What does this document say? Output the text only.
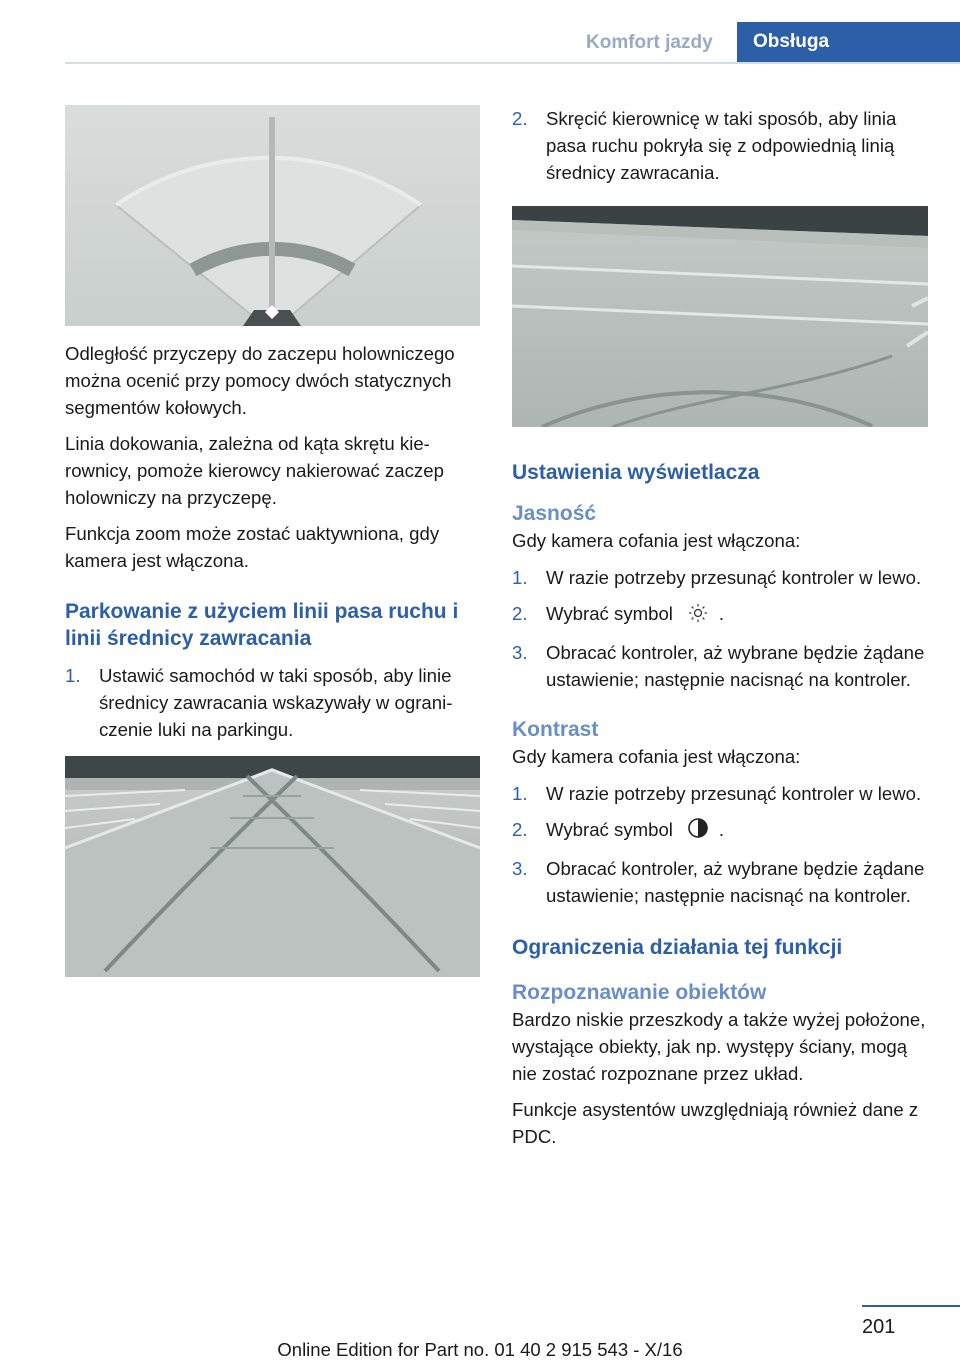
Komfort jazdy	Obsługa

Odległość przyczepy do zaczepu holowniczego można ocenić przy pomocy dwóch statycznych segmentów kołowych.

Linia dokowania, zależna od kąta skrętu kierownicy, pomoże kierowcy nakierować zaczep holowniczy na przyczepę.

Funkcja zoom może zostać uaktywniona, gdy kamera jest włączona.

Parkowanie z użyciem linii pasa ruchu i linii średnicy zawracania
1. Ustawić samochód w taki sposób, aby linie średnicy zawracania wskazywały w ograniczenie luki na parkingu.
2. Skręcić kierownicę w taki sposób, aby linia pasa ruchu pokryła się z odpowiednią linią średnicy zawracania.
Ustawienia wyświetlacza
Jasność

Gdy kamera cofania jest włączona:

1. W razie potrzeby przesunąć kontroler w lewo.
2. Wybrać symbol .
3. Obracać kontroler, aż wybrane będzie żądane ustawienie; następnie nacisnąć na kontroler.
Kontrast

Gdy kamera cofania jest włączona:

1. W razie potrzeby przesunąć kontroler w lewo.
2. Wybrać symbol .
3. Obracać kontroler, aż wybrane będzie żądane ustawienie; następnie nacisnąć na kontroler.
Ograniczenia działania tej funkcji
Rozpoznawanie obiektów

Bardzo niskie przeszkody a także wyżej położone, wystające obiekty, jak np. występy ściany, mogą nie zostać rozpoznane przez układ.

Funkcje asystentów uwzględniają również dane z PDC.

201
Online Edition for Part no. 01 40 2 915 543 - X/16
